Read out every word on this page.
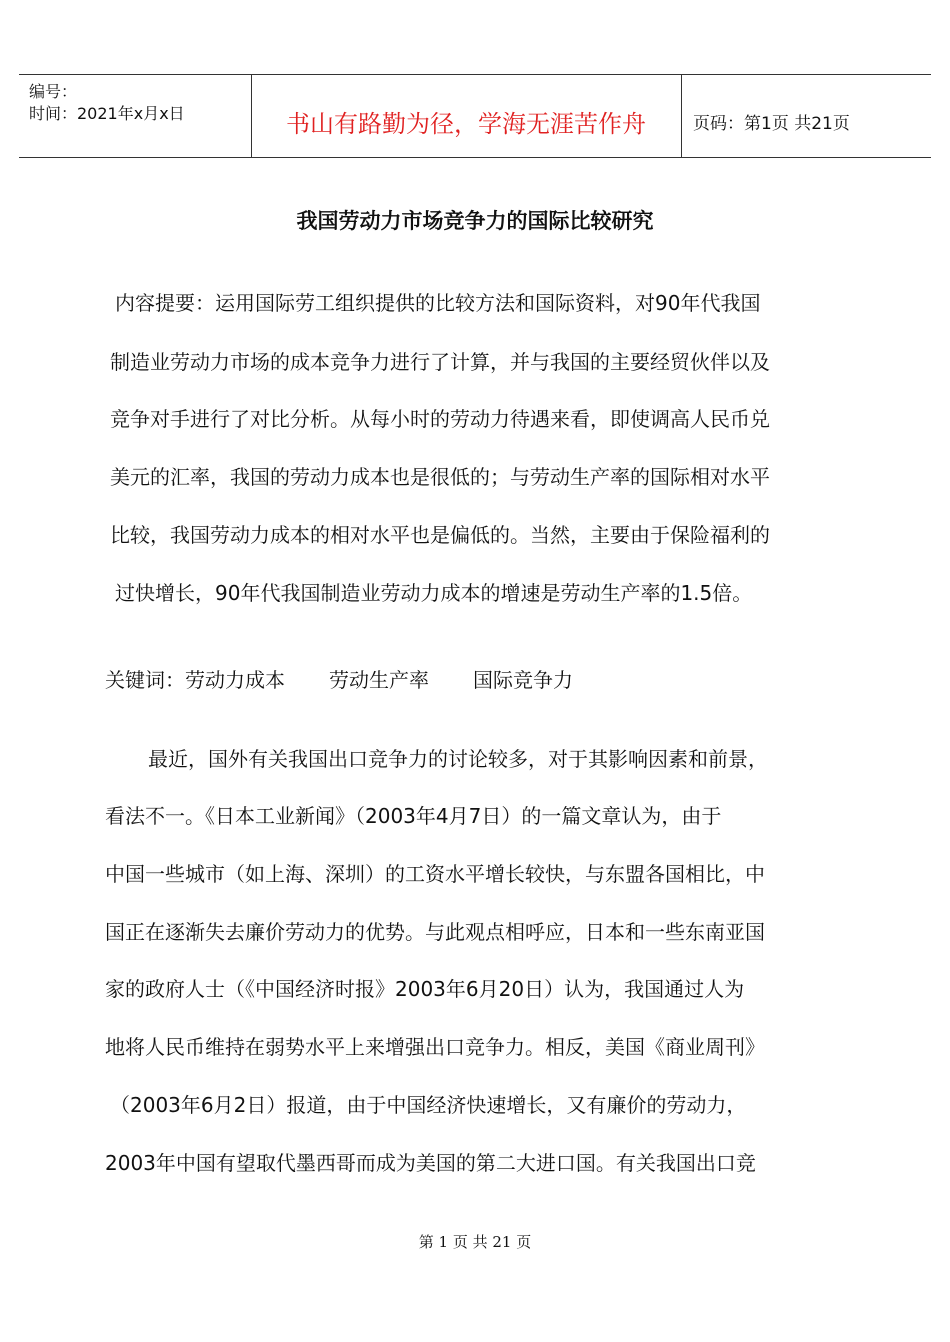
编号：
时间：2021年x月x日	书山有路勤为径，学海无涯苦作舟	页码：第1页 共21页
我国劳动力市场竞争力的国际比较研究
内容提要：运用国际劳工组织提供的比较方法和国际资料，对90年代我国
制造业劳动力市场的成本竞争力进行了计算，并与我国的主要经贸伙伴以及
竞争对手进行了对比分析。从每小时的劳动力待遇来看，即使调高人民币兑
美元的汇率，我国的劳动力成本也是很低的；与劳动生产率的国际相对水平
比较，我国劳动力成本的相对水平也是偏低的。当然，主要由于保险福利的
过快增长，90年代我国制造业劳动力成本的增速是劳动生产率的1.5倍。
关键词：劳动力成本 劳动生产率 国际竞争力
最近，国外有关我国出口竞争力的讨论较多，对于其影响因素和前景，
看法不一。《日本工业新闻》（2003年4月7日）的一篇文章认为，由于
中国一些城市（如上海、深圳）的工资水平增长较快，与东盟各国相比，中
国正在逐渐失去廉价劳动力的优势。与此观点相呼应，日本和一些东南亚国
家的政府人士（《中国经济时报》2003年6月20日）认为，我国通过人为
地将人民币维持在弱势水平上来增强出口竞争力。相反，美国《商业周刊》
（2003年6月2日）报道，由于中国经济快速增长，又有廉价的劳动力，
2003年中国有望取代墨西哥而成为美国的第二大进口国。有关我国出口竞
第 1 页 共 21 页
